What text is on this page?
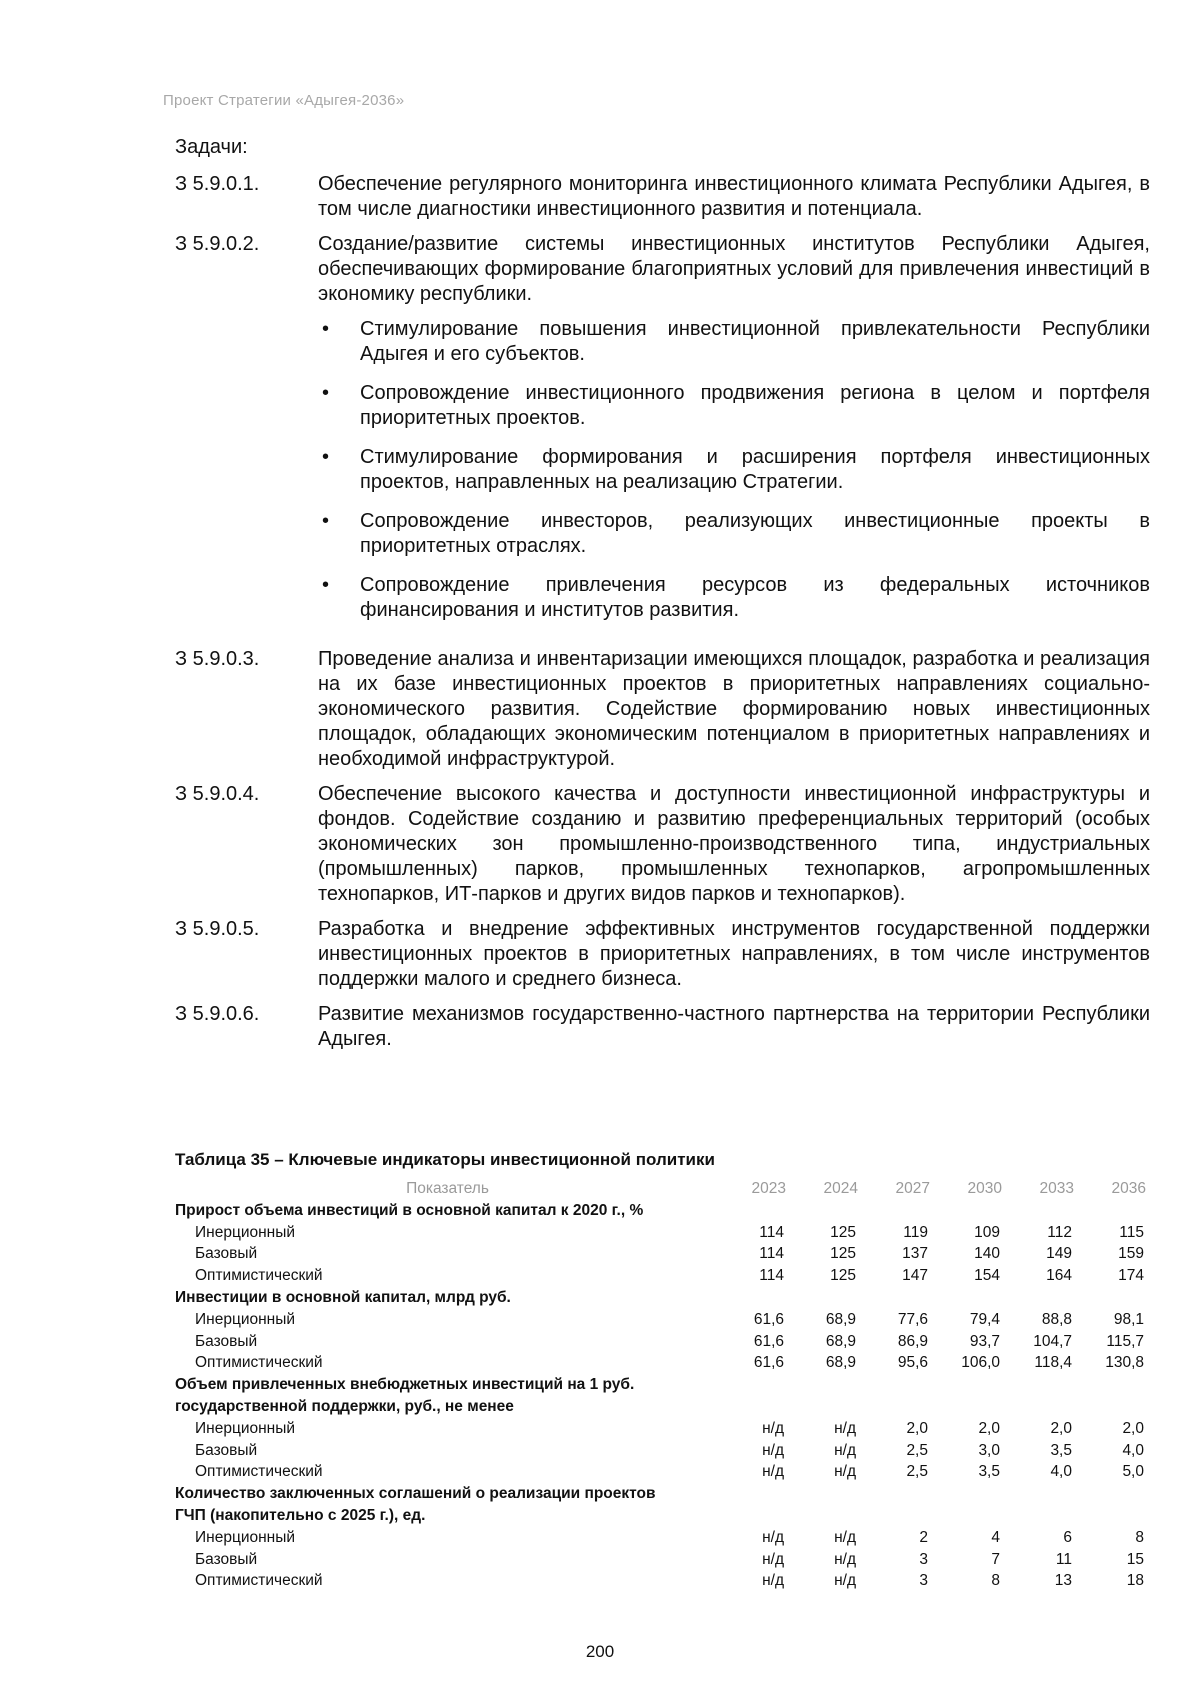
Проект Стратегии «Адыгея-2036»
Задачи:
З 5.9.0.1.	Обеспечение регулярного мониторинга инвестиционного климата Республики Адыгея, в том числе диагностики инвестиционного развития и потенциала.
З 5.9.0.2.	Создание/развитие системы инвестиционных институтов Республики Адыгея, обеспечивающих формирование благоприятных условий для привлечения инвестиций в экономику республики.
•	Стимулирование повышения инвестиционной привлекательности Республики Адыгея и его субъектов.
•	Сопровождение инвестиционного продвижения региона в целом и портфеля приоритетных проектов.
•	Стимулирование формирования и расширения портфеля инвестиционных проектов, направленных на реализацию Стратегии.
•	Сопровождение инвесторов, реализующих инвестиционные проекты в приоритетных отраслях.
•	Сопровождение привлечения ресурсов из федеральных источников финансирования и институтов развития.
З 5.9.0.3.	Проведение анализа и инвентаризации имеющихся площадок, разработка и реализация на их базе инвестиционных проектов в приоритетных направлениях социально-экономического развития. Содействие формированию новых инвестиционных площадок, обладающих экономическим потенциалом в приоритетных направлениях и необходимой инфраструктурой.
З 5.9.0.4.	Обеспечение высокого качества и доступности инвестиционной инфраструктуры и фондов. Содействие созданию и развитию преференциальных территорий (особых экономических зон промышленно-производственного типа, индустриальных (промышленных) парков, промышленных технопарков, агропромышленных технопарков, ИТ-парков и других видов парков и технопарков).
З 5.9.0.5.	Разработка и внедрение эффективных инструментов государственной поддержки инвестиционных проектов в приоритетных направлениях, в том числе инструментов поддержки малого и среднего бизнеса.
З 5.9.0.6.	Развитие механизмов государственно-частного партнерства на территории Республики Адыгея.
Таблица 35 – Ключевые индикаторы инвестиционной политики
Показатель	2023	2024	2027	2030	2033	2036
Прирост объема инвестиций в основной капитал к 2020 г., %						
Инерционный	114	125	119	109	112	115
Базовый	114	125	137	140	149	159
Оптимистический	114	125	147	154	164	174
Инвестиции в основной капитал, млрд руб.						
Инерционный	61,6	68,9	77,6	79,4	88,8	98,1
Базовый	61,6	68,9	86,9	93,7	104,7	115,7
Оптимистический	61,6	68,9	95,6	106,0	118,4	130,8
Объем привлеченных внебюджетных инвестиций на 1 руб.						
государственной поддержки, руб., не менее						
Инерционный	н/д	н/д	2,0	2,0	2,0	2,0
Базовый	н/д	н/д	2,5	3,0	3,5	4,0
Оптимистический	н/д	н/д	2,5	3,5	4,0	5,0
Количество заключенных соглашений о реализации проектов						
ГЧП (накопительно с 2025 г.), ед.						
Инерционный	н/д	н/д	2	4	6	8
Базовый	н/д	н/д	3	7	11	15
Оптимистический	н/д	н/д	3	8	13	18
200
